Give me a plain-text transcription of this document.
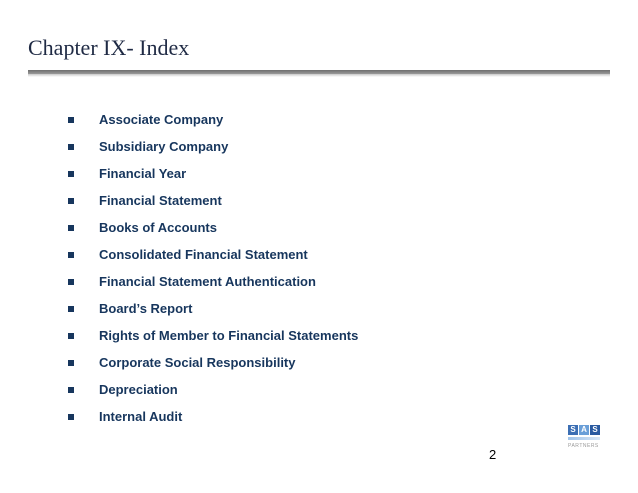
Chapter IX- Index
Associate Company
Subsidiary Company
Financial Year
Financial Statement
Books of Accounts
Consolidated Financial Statement
Financial Statement Authentication
Board’s Report
Rights of Member to Financial Statements
Corporate Social Responsibility
Depreciation
Internal Audit
2
S A S
PARTNERS
